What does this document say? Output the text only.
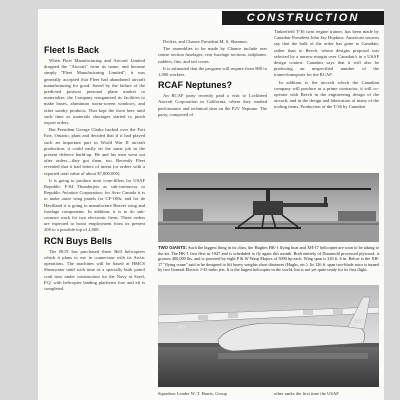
CONSTRUCTION
Fleet Is Back

When Fleet Manufacturing and Aircraft Limited dropped the "Aircraft" from its name, and became simply "Fleet Manufacturing Limited", it was generally accepted that Fleet had abandoned aircraft manufacturing for good. Saved by the failure of the predicted postwar personal plane market to materialize, the Company reorganized its facilities to make buses, aluminum storm-screen windows, and other sundry products. That kept the front here until such time as materials shortages started to pinch export orders.

But President George Clarke backed over the Fort Erie, Ontario, plant and decided that if it had played such an important part in World War II aircraft production, it could easily do the same job in the present defence build-up. He and his men went out after orders—they got them, too. Recently Fleet revealed that it had letters of intent (or orders with a reported total value of about $7,000,000).

It is going to produce nose cone-fillers for USAF Republic F-84 Thunderjets as sub-contractor to Republic Aviation Corporation; for Avro Canada it is to make outer wing panels for CF-100s; and for de Havilland it is going to manufacture Beaver wing and fuselage components. In addition, it is to do sub-contract work for two electronic firms. These orders are expected to boost employment from its present 200 to a possible top of 2,000.

RCN Buys Bells

The RCN has purchased three Bell helicopters which it plans to use in connection with its Arctic operations. The machines will be based at HMCS Shearwater until such time as a specially built patrol craft now under construction for the Navy at Sorel, P.Q. with helicopter landing platforms fore and aft is completed.

Decker, and Chance President M. S. Shannon.

The assemblies to be made by Chance include rear centre section fuselages, rear fuselage sections, tailplanes, rudders, fins, and tail cones.

It is estimated that the program will require from 800 to 1,000 workers.

RCAF Neptunes?

An RCAF party recently paid a visit to Lockheed Aircraft Corporation in California, where they studied performance and technical data on the P2V Neptune. The party, composed of

Tinkerfield T-36 twin engine trainer, has been made by Canadair President John Jay Hopkins. American sources say that the bulk of the order has gone to Canadair, rather than to Beech, whose designs proposal was selected by a narrow margin over Canadair's in a USAF design contest. Canadair says that it will also be producing an unspecified number of the trainer/transports for the RCAF.

In addition to the aircraft which the Canadian company will produce as a prime contractor, it will co-operate with Beech in the engineering design of the aircraft, and in the design and fabrication of many of the tooling items. Production of the T-36 by Canadair

TWO GIANTS: Such the biggest thing in its class, the Hughes HK-1 flying boat and XH-17 helicopter are soon to be taking to the air. The HK-1 first flew in 1947 and is scheduled to fly again this month. Both entirely of Duramold processed plywood, it grosses 400,000 lbs. and is powered by eight P & W Wasp Majors of 3000 hp each. Wing span is 320 ft. 6 in. Below is the XH-17 "flying crane" said to be designed to lift heavy weights short distances (Hughs, etc.). Its 126 ft. span two-blade rotor is turned by two General Electric J-35 turbo jets. It is the largest helicopter in the world, but is not yet quite ready for its first flight.
Squadron Leader W. T. Harris, Group	other ranks the first time the USAF
